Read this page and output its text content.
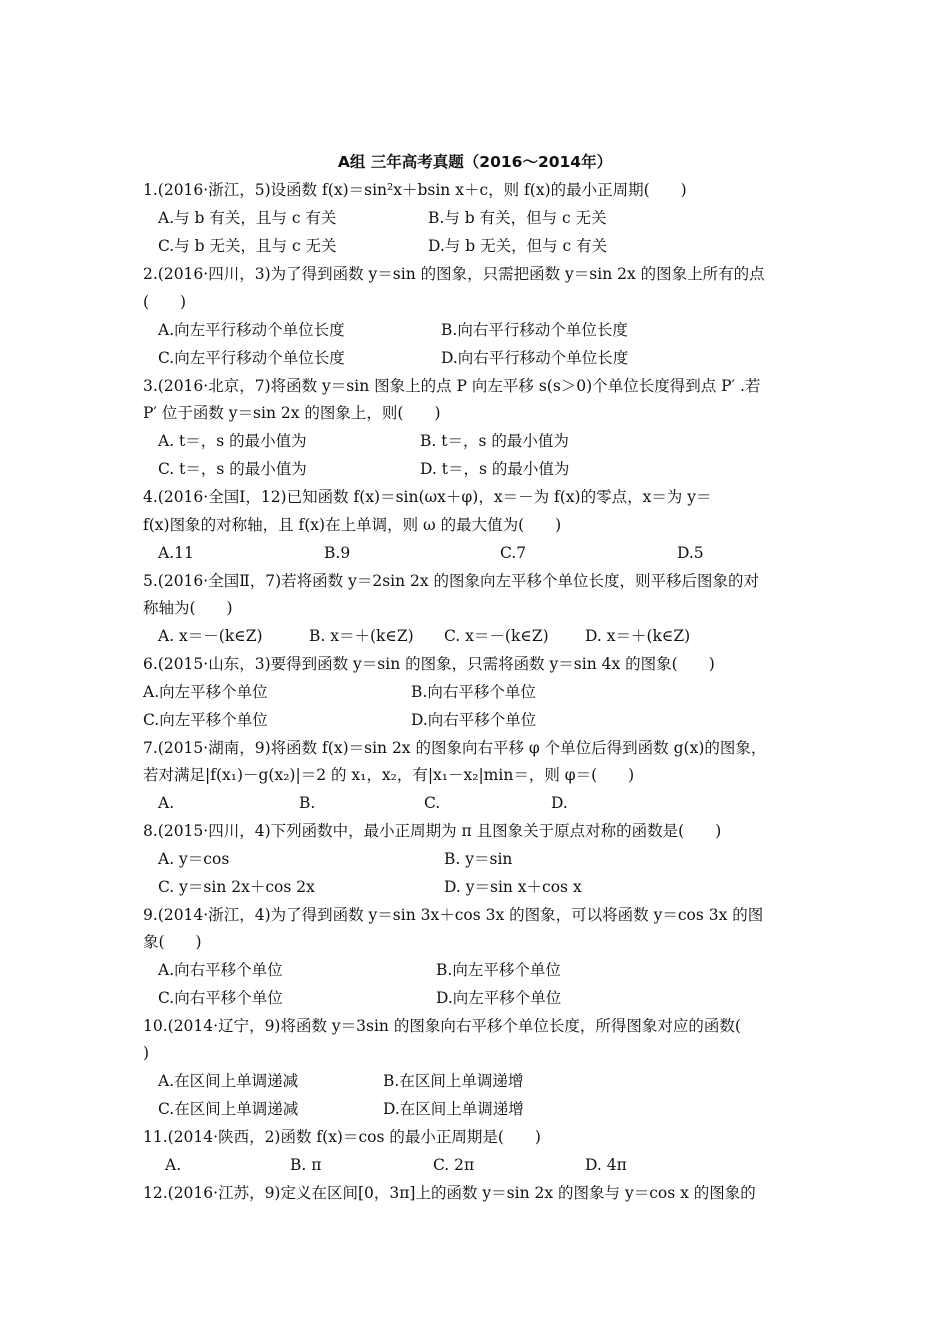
A组 三年高考真题（2016～2014年）
1.(2016·浙江，5)设函数 f(x)＝sin²x＋bsin x＋c，则 f(x)的最小正周期(　　)
A.与 b 有关，且与 c 有关	B.与 b 有关，但与 c 无关
C.与 b 无关，且与 c 无关	D.与 b 无关，但与 c 有关
2.(2016·四川，3)为了得到函数 y＝sin 的图象，只需把函数 y＝sin 2x 的图象上所有的点
(　　)
A.向左平行移动个单位长度	B.向右平行移动个单位长度
C.向左平行移动个单位长度	D.向右平行移动个单位长度
3.(2016·北京，7)将函数 y＝sin 图象上的点 P 向左平移 s(s＞0)个单位长度得到点 P′ .若
P′ 位于函数 y＝sin 2x 的图象上，则(　　)
A. t＝，s 的最小值为	B. t＝，s 的最小值为
C. t＝，s 的最小值为	D. t＝，s 的最小值为
4.(2016·全国Ⅰ，12)已知函数 f(x)＝sin(ωx＋φ)，x＝－为 f(x)的零点，x＝为 y＝
f(x)图象的对称轴，且 f(x)在上单调，则 ω 的最大值为(　　)
A.11	B.9	C.7	D.5
5.(2016·全国Ⅱ，7)若将函数 y＝2sin 2x 的图象向左平移个单位长度，则平移后图象的对
称轴为(　　)
A. x＝－(k∈Z)	B. x＝＋(k∈Z) C. x＝－(k∈Z) D. x＝＋(k∈Z)
6.(2015·山东，3)要得到函数 y＝sin 的图象，只需将函数 y＝sin 4x 的图象(　　)
A.向左平移个单位	B.向右平移个单位
C.向左平移个单位	D.向右平移个单位
7.(2015·湖南，9)将函数 f(x)＝sin 2x 的图象向右平移 φ 个单位后得到函数 g(x)的图象，
若对满足|f(x₁)－g(x₂)|＝2 的 x₁，x₂，有|x₁－x₂|min＝，则 φ＝(　　)
A.	B.	C.	D.
8.(2015·四川，4)下列函数中，最小正周期为 π 且图象关于原点对称的函数是(　　)
A. y＝cos	B. y＝sin
C. y＝sin 2x＋cos 2x	D. y＝sin x＋cos x
9.(2014·浙江，4)为了得到函数 y＝sin 3x＋cos 3x 的图象，可以将函数 y＝cos 3x 的图
象(　　)
A.向右平移个单位	B.向左平移个单位
C.向右平移个单位	D.向左平移个单位
10.(2014·辽宁，9)将函数 y＝3sin 的图象向右平移个单位长度，所得图象对应的函数(
)
A.在区间上单调递减	B.在区间上单调递增
C.在区间上单调递减	D.在区间上单调递增
11.(2014·陕西，2)函数 f(x)＝cos 的最小正周期是(　　)
A.	B. π	C. 2π	D. 4π
12.(2016·江苏，9)定义在区间[0，3π]上的函数 y＝sin 2x 的图象与 y＝cos x 的图象的
